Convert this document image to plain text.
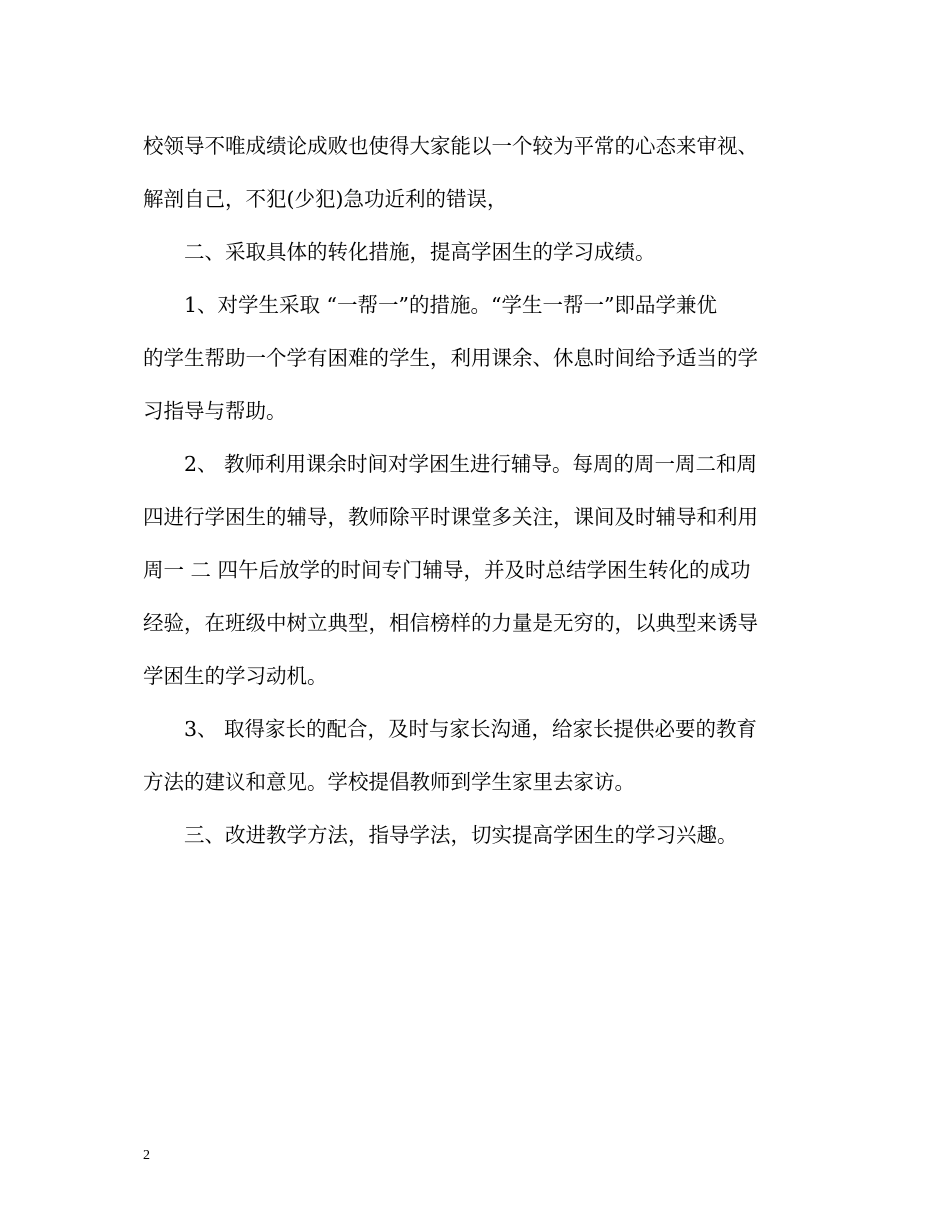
校领导不唯成绩论成败也使得大家能以一个较为平常的心态来审视、
解剖自己，不犯(少犯)急功近利的错误，
　　二、采取具体的转化措施，提高学困生的学习成绩。
　　1、对学生采取 “一帮一”的措施。“学生一帮一”即品学兼优
的学生帮助一个学有困难的学生，利用课余、休息时间给予适当的学
习指导与帮助。
　　2、 教师利用课余时间对学困生进行辅导。每周的周一周二和周
四进行学困生的辅导，教师除平时课堂多关注，课间及时辅导和利用
周一 二 四午后放学的时间专门辅导，并及时总结学困生转化的成功
经验，在班级中树立典型，相信榜样的力量是无穷的，以典型来诱导
学困生的学习动机。
　　3、 取得家长的配合，及时与家长沟通，给家长提供必要的教育
方法的建议和意见。学校提倡教师到学生家里去家访。
　　三、改进教学方法，指导学法，切实提高学困生的学习兴趣。
2
